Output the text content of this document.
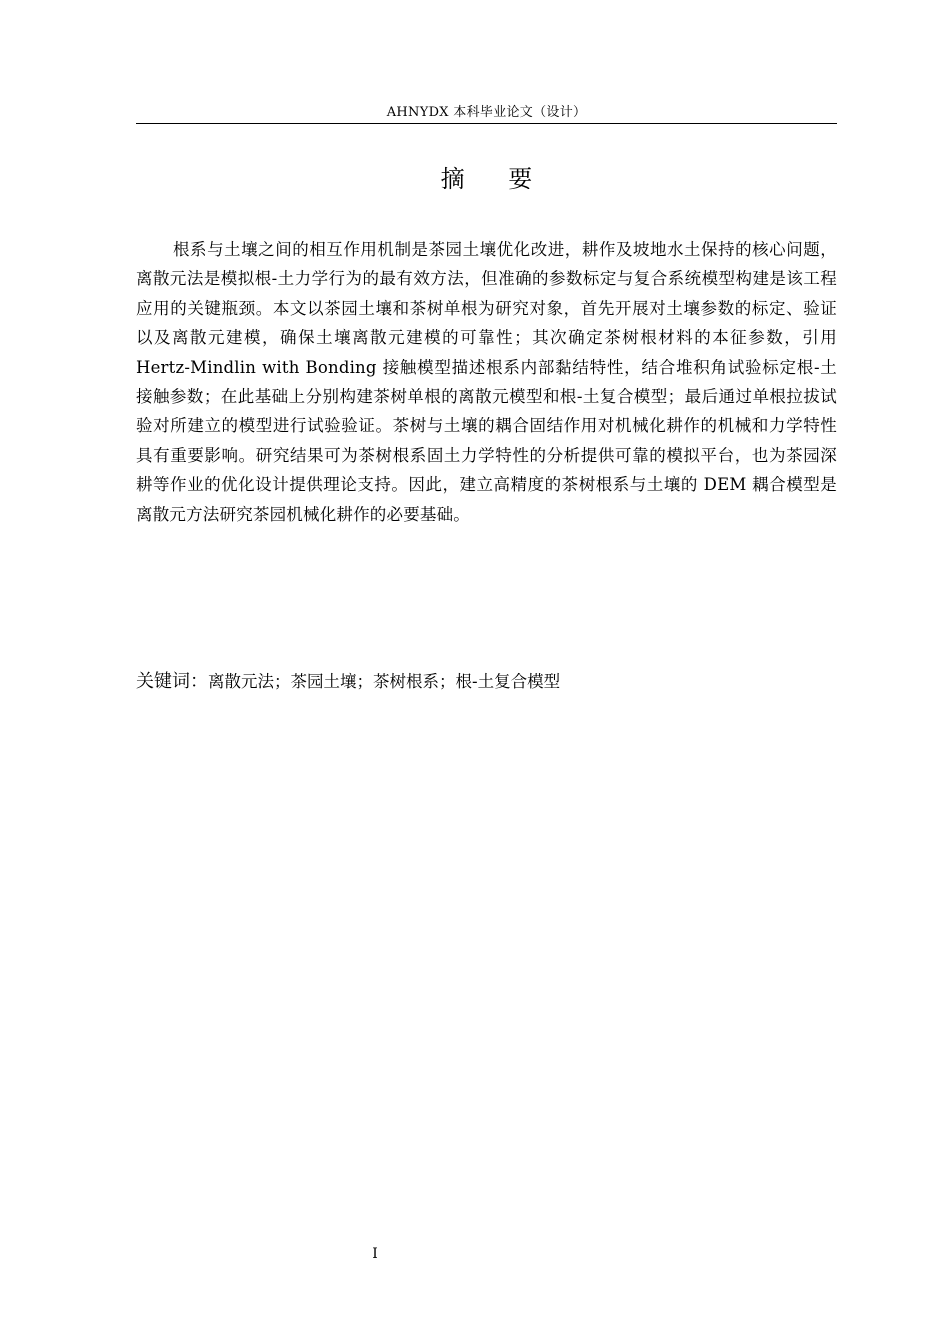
AHNYDX 本科毕业论文（设计）
摘 要

根系与土壤之间的相互作用机制是茶园土壤优化改进，耕作及坡地水土保持的核心问题，离散元法是模拟根-土力学行为的最有效方法，但准确的参数标定与复合系统模型构建是该工程应用的关键瓶颈。本文以茶园土壤和茶树单根为研究对象，首先开展对土壤参数的标定、验证以及离散元建模，确保土壤离散元建模的可靠性；其次确定茶树根材料的本征参数，引用 Hertz-Mindlin with Bonding 接触模型描述根系内部黏结特性，结合堆积角试验标定根-土接触参数；在此基础上分别构建茶树单根的离散元模型和根-土复合模型；最后通过单根拉拔试验对所建立的模型进行试验验证。茶树与土壤的耦合固结作用对机械化耕作的机械和力学特性具有重要影响。研究结果可为茶树根系固土力学特性的分析提供可靠的模拟平台，也为茶园深耕等作业的优化设计提供理论支持。因此，建立高精度的茶树根系与土壤的 DEM 耦合模型是离散元方法研究茶园机械化耕作的必要基础。

关键词：离散元法；茶园土壤；茶树根系；根-土复合模型
I
